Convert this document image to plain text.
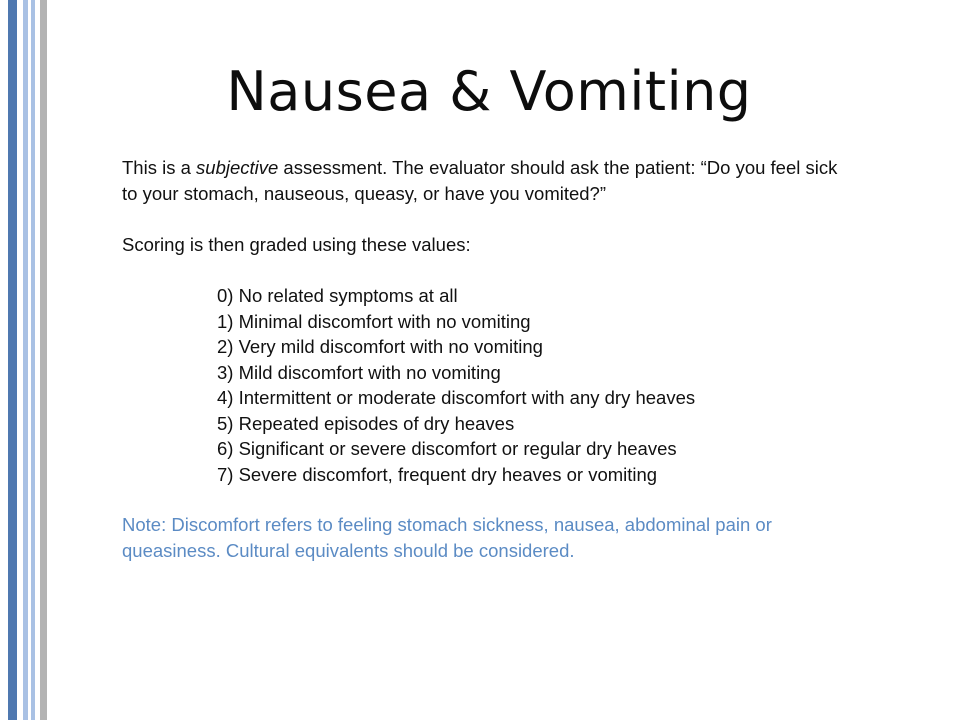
Nausea & Vomiting

This is a subjective assessment. The evaluator should ask the patient: “Do you feel sick to your stomach, nauseous, queasy, or have you vomited?”

Scoring is then graded using these values:

0) No related symptoms at all
1) Minimal discomfort with no vomiting
2) Very mild discomfort with no vomiting
3) Mild discomfort with no vomiting
4) Intermittent or moderate discomfort with any dry heaves
5) Repeated episodes of dry heaves
6) Significant or severe discomfort or regular dry heaves
7) Severe discomfort, frequent dry heaves or vomiting

Note: Discomfort refers to feeling stomach sickness, nausea, abdominal pain or queasiness. Cultural equivalents should be considered.
